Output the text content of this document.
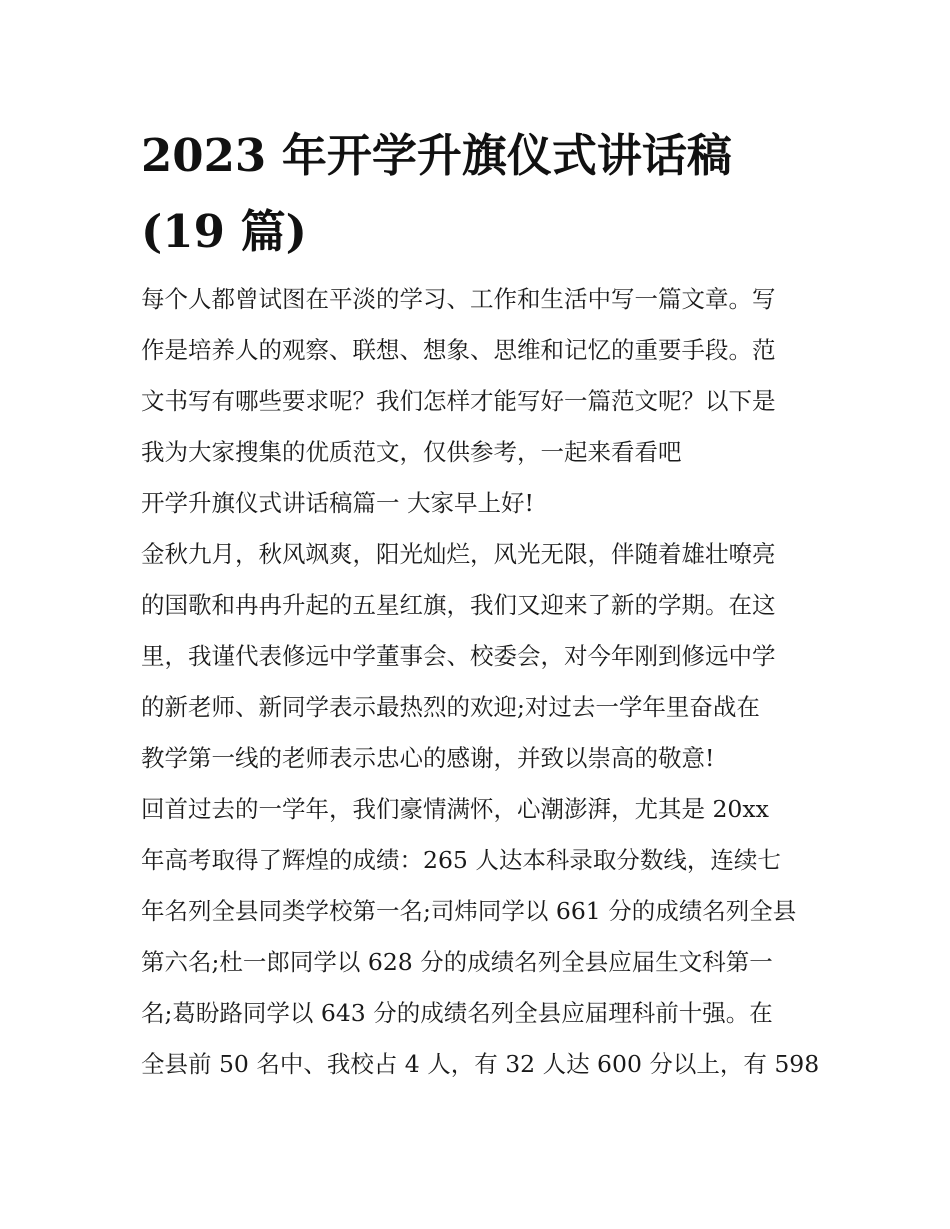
2023 年开学升旗仪式讲话稿
(19 篇)
每个人都曾试图在平淡的学习、工作和生活中写一篇文章。写
作是培养人的观察、联想、想象、思维和记忆的重要手段。范
文书写有哪些要求呢？我们怎样才能写好一篇范文呢？以下是
我为大家搜集的优质范文，仅供参考，一起来看看吧
开学升旗仪式讲话稿篇一 大家早上好!
金秋九月，秋风飒爽，阳光灿烂，风光无限，伴随着雄壮嘹亮
的国歌和冉冉升起的五星红旗，我们又迎来了新的学期。在这
里，我谨代表修远中学董事会、校委会，对今年刚到修远中学
的新老师、新同学表示最热烈的欢迎;对过去一学年里奋战在
教学第一线的老师表示忠心的感谢，并致以崇高的敬意!
回首过去的一学年，我们豪情满怀，心潮澎湃，尤其是 20xx
年高考取得了辉煌的成绩：265 人达本科录取分数线，连续七
年名列全县同类学校第一名;司炜同学以 661 分的成绩名列全县
第六名;杜一郎同学以 628 分的成绩名列全县应届生文科第一
名;葛盼路同学以 643 分的成绩名列全县应届理科前十强。在
全县前 50 名中、我校占 4 人，有 32 人达 600 分以上，有 598
